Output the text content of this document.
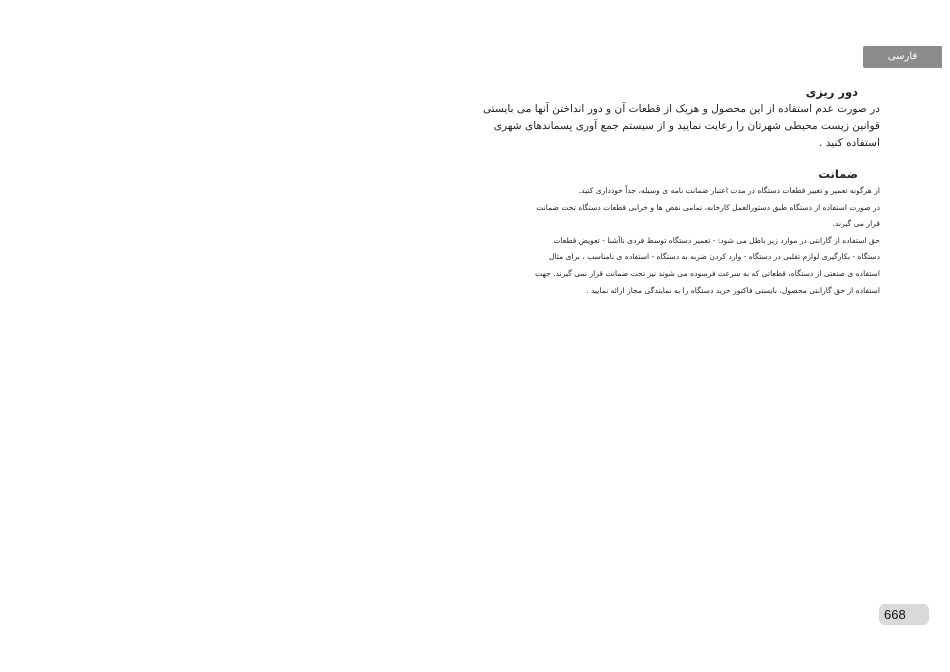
فارسی
دور ریزی

در صورت عدم استفاده از این محصول و هریک از قطعات آن و دور انداختن آنها می بایستی
قوانین زیست محیطی شهرتان را رعایت نمایید و از سیستم جمع آوری پسماندهای شهری
استفاده کنید .

ضمانت

از هرگونه تعمیر و تغییر قطعات دستگاه در مدت اعتبار ضمانت نامه ی وسیله، جداً خودداری کنید.
در صورت استفاده از دستگاه طبق دستورالعمل کارخانه، تمامی نقص ها و خرابی قطعات دستگاه تحت ضمانت
قرار می گیرند.
حق استفاده از گارانتی در موارد زیر باطل می شود: - تعمیر دستگاه توسط فردی ناآشنا - تعویض قطعات
دستگاه - بکارگیری لوازم تقلبی در دستگاه - وارد کردن ضربه به دستگاه - استفاده ی نامناسب ، برای مثال
استفاده ی صنعتی از دستگاه، قطعاتی که به سرعت فرسوده می شوند نیز تحت ضمانت قرار نمی گیرند. جهت
استفاده از حق گارانتی محصول، بایستی فاکتور خرید دستگاه را به نمایندگی مجاز ارائه نمایید .

668
